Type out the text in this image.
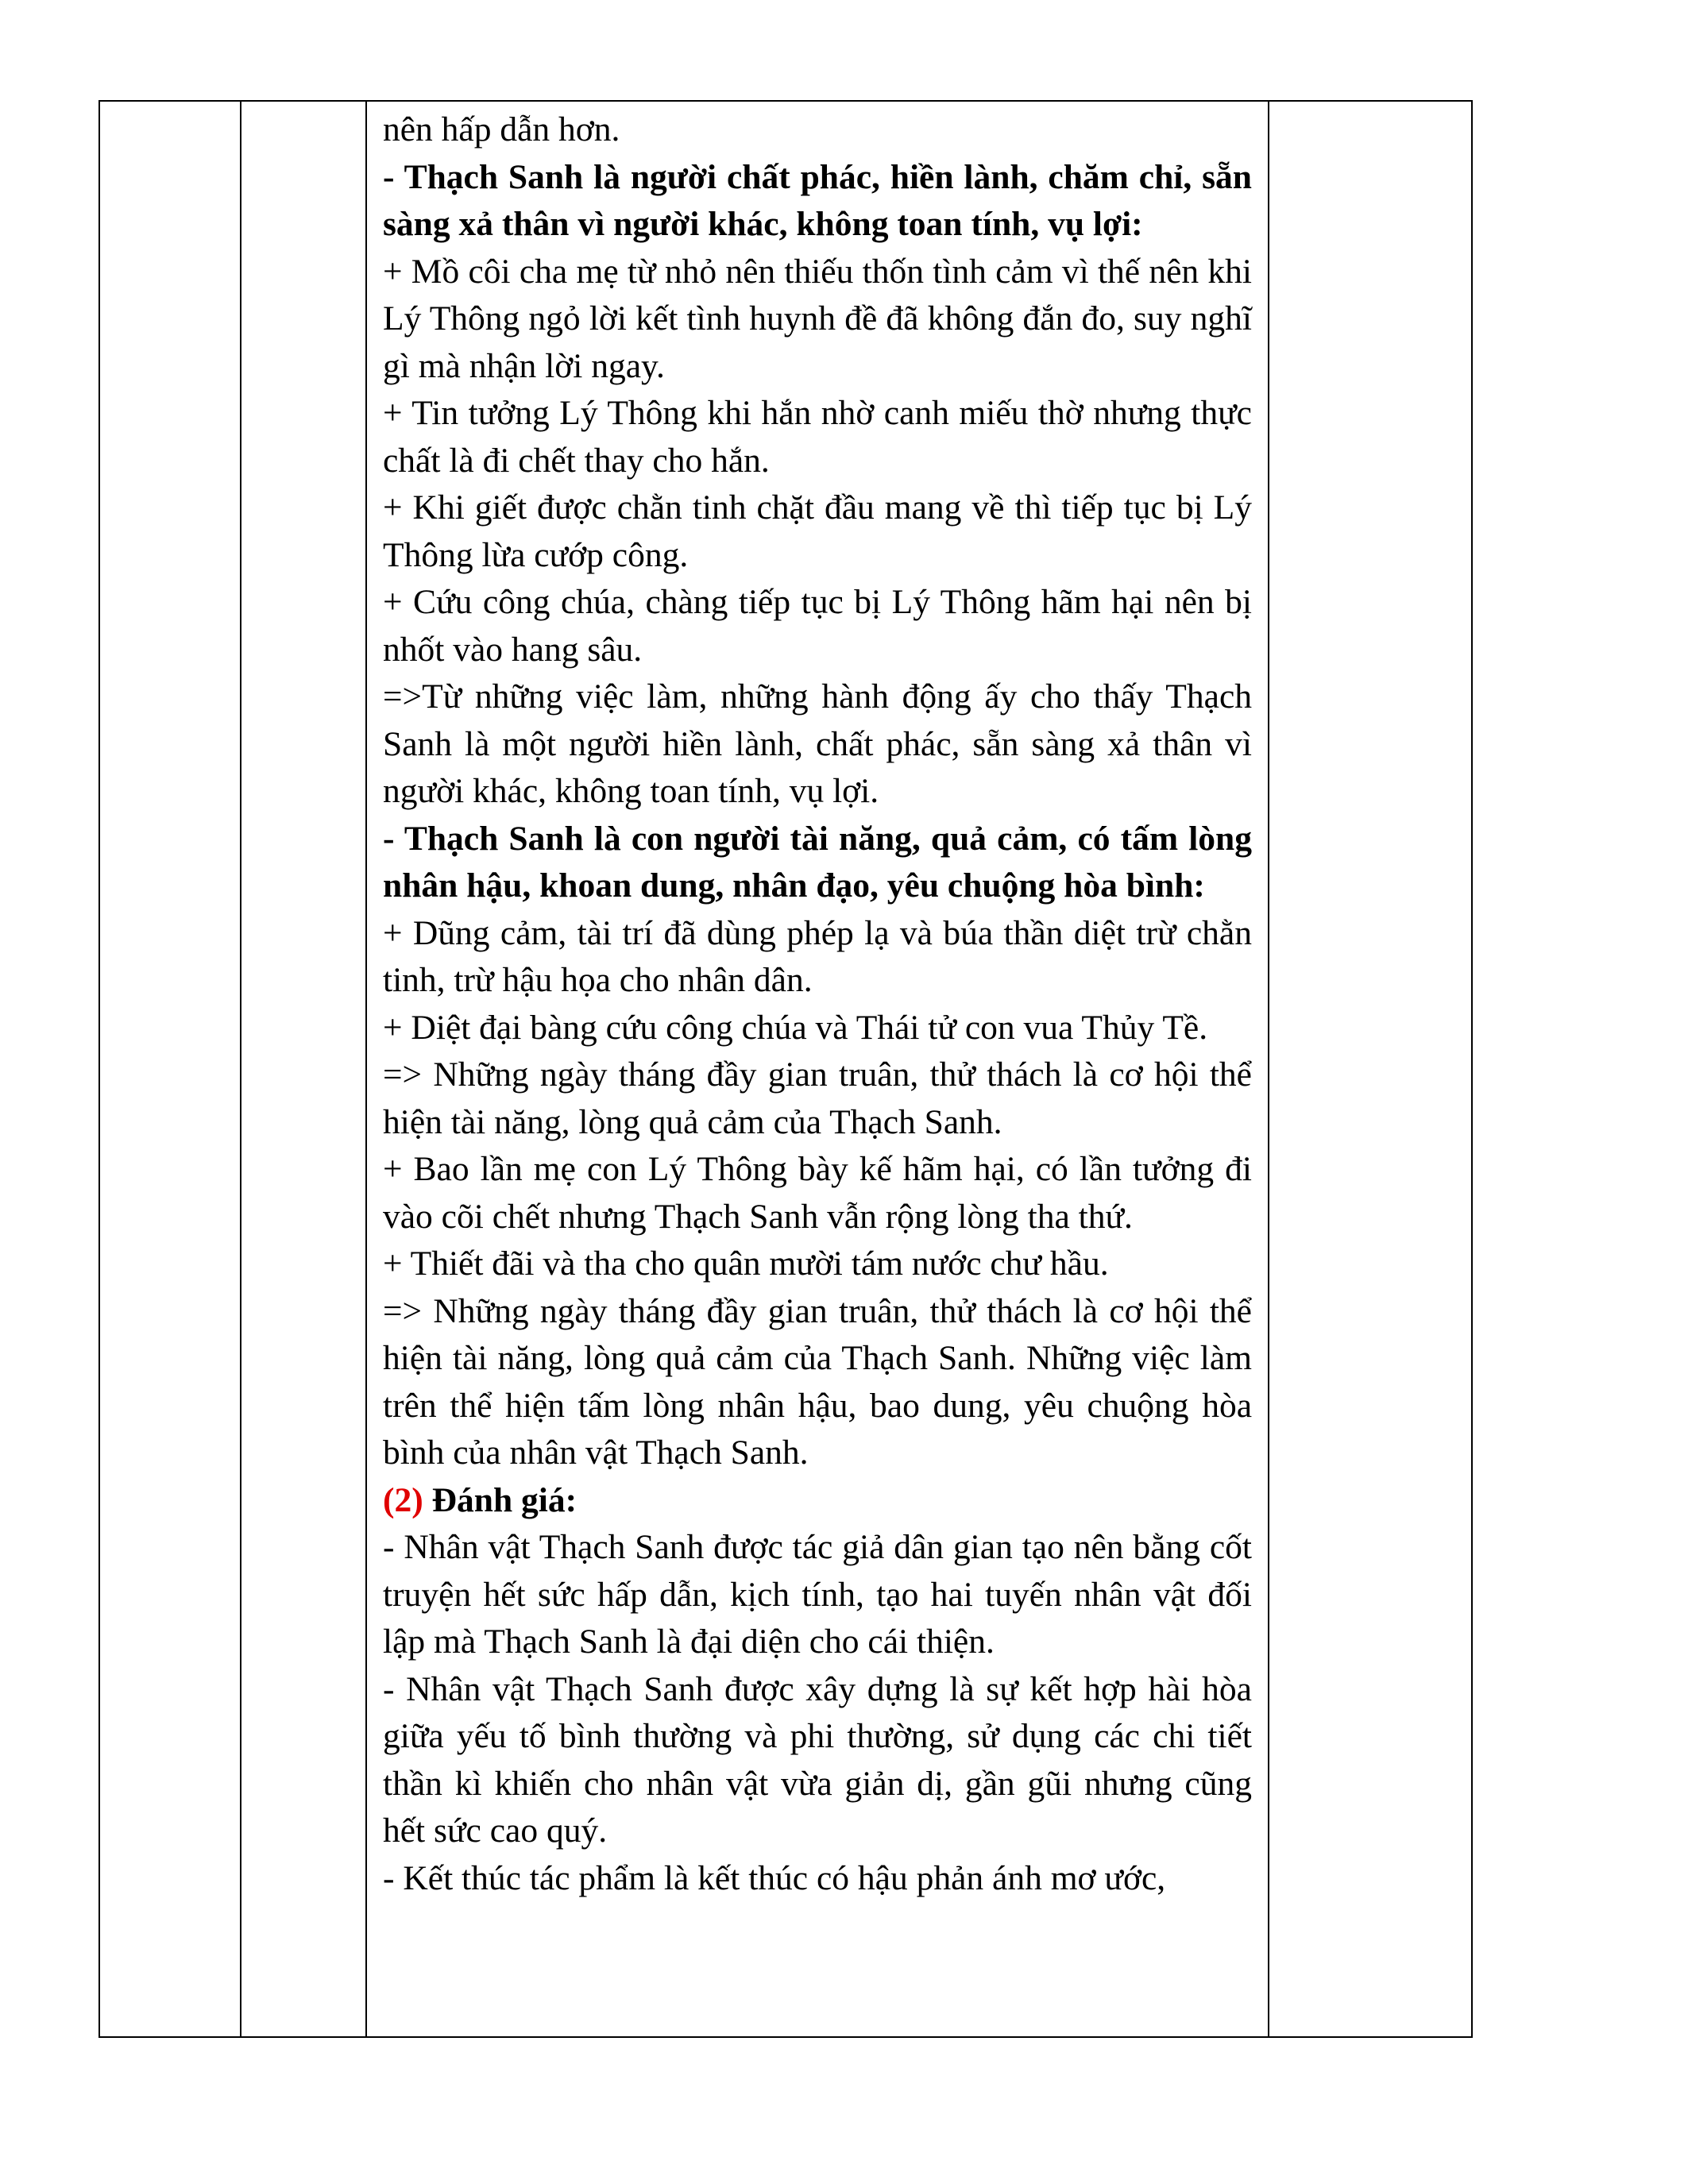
nên hấp dẫn hơn.

- Thạch Sanh là người chất phác, hiền lành, chăm chỉ, sẵn sàng xả thân vì người khác, không toan tính, vụ lợi:

+ Mồ côi cha mẹ từ nhỏ nên thiếu thốn tình cảm vì thế nên khi Lý Thông ngỏ lời kết tình huynh đề đã không đắn đo, suy nghĩ gì mà nhận lời ngay.

+ Tin tưởng Lý Thông khi hắn nhờ canh miếu thờ nhưng thực chất là đi chết thay cho hắn.

+ Khi giết được chằn tinh chặt đầu mang về thì tiếp tục bị Lý Thông lừa cướp công.

+ Cứu công chúa, chàng tiếp tục bị Lý Thông hãm hại nên bị nhốt vào hang sâu.

=>Từ những việc làm, những hành động ấy cho thấy Thạch Sanh là một người hiền lành, chất phác, sẵn sàng xả thân vì người khác, không toan tính, vụ lợi.

- Thạch Sanh là con người tài năng, quả cảm, có tấm lòng nhân hậu, khoan dung, nhân đạo, yêu chuộng hòa bình:

+ Dũng cảm, tài trí đã dùng phép lạ và búa thần diệt trừ chằn tinh, trừ hậu họa cho nhân dân.

+ Diệt đại bàng cứu công chúa và Thái tử con vua Thủy Tề.

=> Những ngày tháng đầy gian truân, thử thách là cơ hội thể hiện tài năng, lòng quả cảm của Thạch Sanh.

+ Bao lần mẹ con Lý Thông bày kế hãm hại, có lần tưởng đi vào cõi chết nhưng Thạch Sanh vẫn rộng lòng tha thứ.

+ Thiết đãi và tha cho quân mười tám nước chư hầu.

=> Những ngày tháng đầy gian truân, thử thách là cơ hội thể hiện tài năng, lòng quả cảm của Thạch Sanh. Những việc làm trên thể hiện tấm lòng nhân hậu, bao dung, yêu chuộng hòa bình của nhân vật Thạch Sanh.

(2) Đánh giá:

- Nhân vật Thạch Sanh được tác giả dân gian tạo nên bằng cốt truyện hết sức hấp dẫn, kịch tính, tạo hai tuyến nhân vật đối lập mà Thạch Sanh là đại diện cho cái thiện.

- Nhân vật Thạch Sanh được xây dựng là sự kết hợp hài hòa giữa yếu tố bình thường và phi thường, sử dụng các chi tiết thần kì khiến cho nhân vật vừa giản dị, gần gũi nhưng cũng hết sức cao quý.

- Kết thúc tác phẩm là kết thúc có hậu phản ánh mơ ước,
